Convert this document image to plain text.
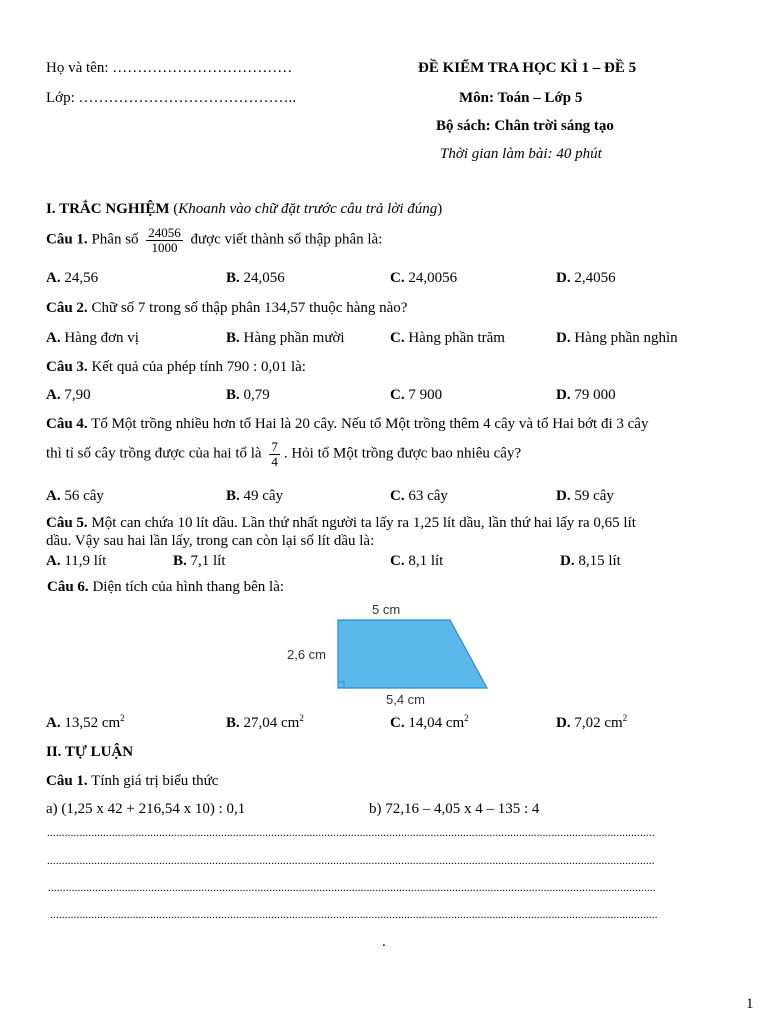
Họ và tên: ………………………………
Lớp: ……………………………………..
ĐỀ KIỂM TRA HỌC KÌ 1 – ĐỀ 5
Môn: Toán – Lớp 5
Bộ sách: Chân trời sáng tạo
Thời gian làm bài: 40 phút
I. TRẮC NGHIỆM (Khoanh vào chữ đặt trước câu trả lời đúng)
Câu 1. Phân số $\frac{24056}{1000}$ được viết thành số thập phân là:
A. 24,56	B. 24,056	C. 24,0056	D. 2,4056
Câu 2. Chữ số 7 trong số thập phân 134,57 thuộc hàng nào?
A. Hàng đơn vị	B. Hàng phần mười	C. Hàng phần trăm	D. Hàng phần nghìn
Câu 3. Kết quả của phép tính 790 : 0,01 là:
A. 7,90	B. 0,79	C. 7 900	D. 79 000
Câu 4. Tổ Một trồng nhiều hơn tổ Hai là 20 cây. Nếu tổ Một trồng thêm 4 cây và tổ Hai bớt đi 3 cây
thì tỉ số cây trồng được của hai tổ là $\frac{7}{4}$ . Hỏi tổ Một trồng được bao nhiêu cây?
A. 56 cây	B. 49 cây	C. 63 cây	D. 59 cây
Câu 5. Một can chứa 10 lít dầu. Lần thứ nhất người ta lấy ra 1,25 lít dầu, lần thứ hai lấy ra 0,65 lít
dầu. Vậy sau hai lần lấy, trong can còn lại số lít dầu là:
A. 11,9 lít	B. 7,1 lít	C. 8,1 lít	D. 8,15 lít
Câu 6. Diện tích của hình thang bên là:
5 cm
2,6 cm
5,4 cm
A. 13,52 $cm^2$	B. 27,04 $cm^2$	C. 14,04 $cm^2$	D. 7,02 $cm^2$
II. TỰ LUẬN
Câu 1. Tính giá trị biểu thức
a) (1,25 x 42 + 216,54 x 10) : 0,1	b) 72,16 – 4,05 x 4 – 135 : 4
..............................................................................................................................................................................................................
..............................................................................................................................................................................................................
..............................................................................................................................................................................................................
..............................................................................................................................................................................................................
.
1
